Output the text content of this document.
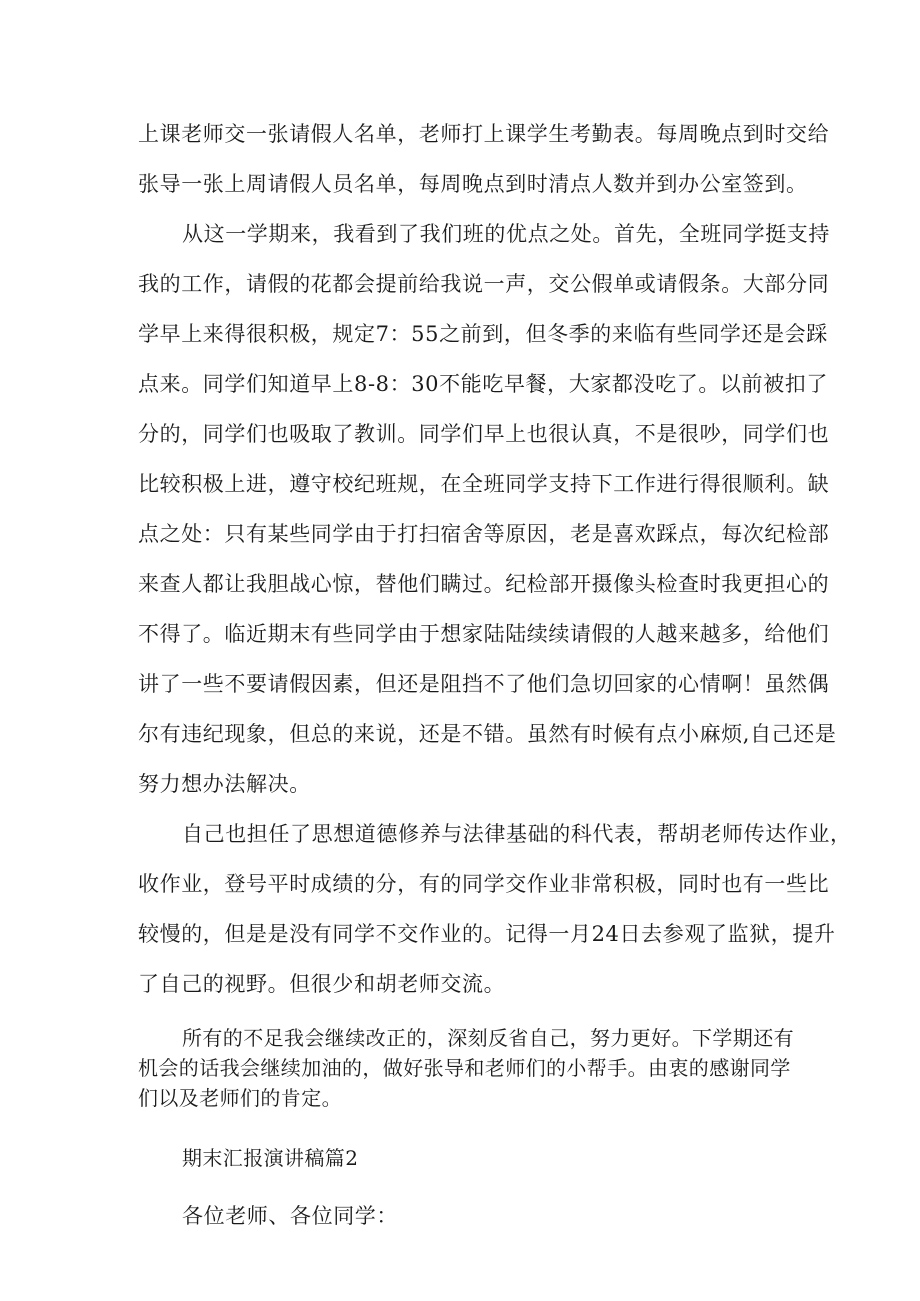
上课老师交一张请假人名单，老师打上课学生考勤表。每周晚点到时交给
张导一张上周请假人员名单，每周晚点到时清点人数并到办公室签到。
从这一学期来，我看到了我们班的优点之处。首先，全班同学挺支持
我的工作，请假的花都会提前给我说一声，交公假单或请假条。大部分同
学早上来得很积极，规定7：55之前到，但冬季的来临有些同学还是会踩
点来。同学们知道早上8-8：30不能吃早餐，大家都没吃了。以前被扣了
分的，同学们也吸取了教训。同学们早上也很认真，不是很吵，同学们也
比较积极上进，遵守校纪班规，在全班同学支持下工作进行得很顺利。缺
点之处：只有某些同学由于打扫宿舍等原因，老是喜欢踩点，每次纪检部
来查人都让我胆战心惊，替他们瞒过。纪检部开摄像头检查时我更担心的
不得了。临近期末有些同学由于想家陆陆续续请假的人越来越多，给他们
讲了一些不要请假因素，但还是阻挡不了他们急切回家的心情啊！虽然偶
尔有违纪现象，但总的来说，还是不错。虽然有时候有点小麻烦,自己还是
努力想办法解决。
自己也担任了思想道德修养与法律基础的科代表，帮胡老师传达作业，
收作业，登号平时成绩的分，有的同学交作业非常积极，同时也有一些比
较慢的，但是是没有同学不交作业的。记得一月24日去参观了监狱，提升
了自己的视野。但很少和胡老师交流。
所有的不足我会继续改正的，深刻反省自己，努力更好。下学期还有
机会的话我会继续加油的，做好张导和老师们的小帮手。由衷的感谢同学
们以及老师们的肯定。
期末汇报演讲稿篇2
各位老师、各位同学：
